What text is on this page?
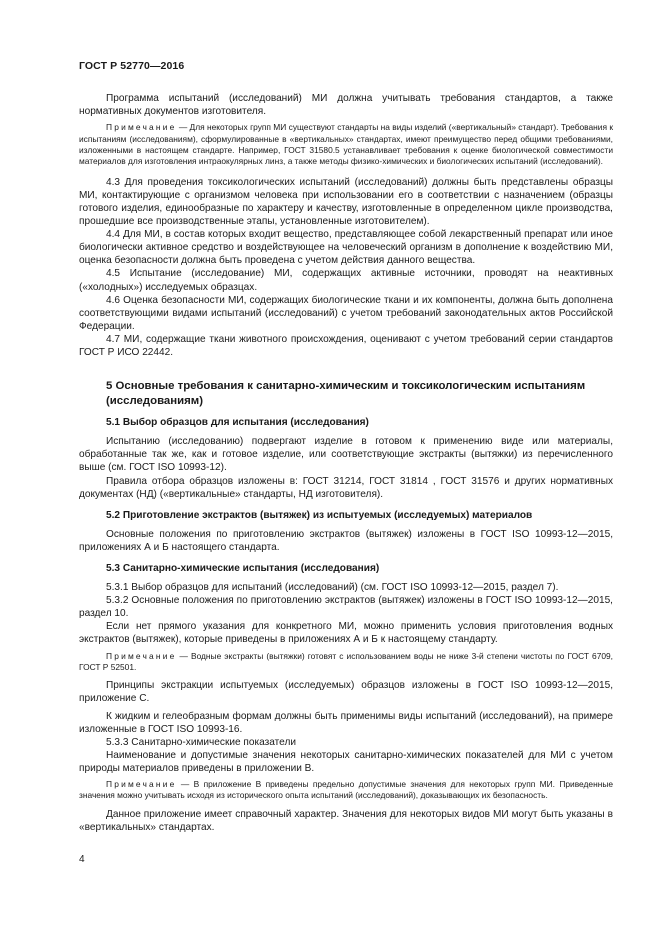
ГОСТ Р 52770—2016

Программа испытаний (исследований) МИ должна учитывать требования стандартов, а также нормативных документов изготовителя.

Примечание — Для некоторых групп МИ существуют стандарты на виды изделий («вертикальный» стандарт). Требования к испытаниям (исследованиям), сформулированные в «вертикальных» стандартах, имеют преимущество перед общими требованиями, изложенными в настоящем стандарте. Например, ГОСТ 31580.5 устанавливает требования к оценке биологической совместимости материалов для изготовления интраокулярных линз, а также методы физико-химических и биологических испытаний (исследований).

4.3 Для проведения токсикологических испытаний (исследований) должны быть представлены образцы МИ, контактирующие с организмом человека при использовании его в соответствии с назначением (образцы готового изделия, единообразные по характеру и качеству, изготовленные в определенном цикле производства, прошедшие все производственные этапы, установленные изготовителем).

4.4 Для МИ, в состав которых входит вещество, представляющее собой лекарственный препарат или иное биологически активное средство и воздействующее на человеческий организм в дополнение к воздействию МИ, оценка безопасности должна быть проведена с учетом действия данного вещества.

4.5 Испытание (исследование) МИ, содержащих активные источники, проводят на неактивных («холодных») исследуемых образцах.

4.6 Оценка безопасности МИ, содержащих биологические ткани и их компоненты, должна быть дополнена соответствующими видами испытаний (исследований) с учетом требований законодательных актов Российской Федерации.

4.7 МИ, содержащие ткани животного происхождения, оценивают с учетом требований серии стандартов ГОСТ Р ИСО 22442.

5 Основные требования к санитарно-химическим и токсикологическим испытаниям (исследованиям)
5.1 Выбор образцов для испытания (исследования)

Испытанию (исследованию) подвергают изделие в готовом к применению виде или материалы, обработанные так же, как и готовое изделие, или соответствующие экстракты (вытяжки) из перечисленного выше (см. ГОСТ ISO 10993-12).

Правила отбора образцов изложены в: ГОСТ 31214, ГОСТ 31814 , ГОСТ 31576 и других нормативных документах (НД) («вертикальные» стандарты, НД изготовителя).

5.2 Приготовление экстрактов (вытяжек) из испытуемых (исследуемых) материалов

Основные положения по приготовлению экстрактов (вытяжек) изложены в ГОСТ ISO 10993-12—2015, приложениях А и Б настоящего стандарта.

5.3 Санитарно-химические испытания (исследования)

5.3.1 Выбор образцов для испытаний (исследований) (см. ГОСТ ISO 10993-12—2015, раздел 7).

5.3.2 Основные положения по приготовлению экстрактов (вытяжек) изложены в ГОСТ ISO 10993-12—2015, раздел 10.

Если нет прямого указания для конкретного МИ, можно применить условия приготовления водных экстрактов (вытяжек), которые приведены в приложениях А и Б к настоящему стандарту.

Примечание — Водные экстракты (вытяжки) готовят с использованием воды не ниже 3-й степени чистоты по ГОСТ 6709, ГОСТ Р 52501.

Принципы экстракции испытуемых (исследуемых) образцов изложены в ГОСТ ISO 10993-12—2015, приложение С.

К жидким и гелеобразным формам должны быть применимы виды испытаний (исследований), на примере изложенные в ГОСТ ISO 10993-16.

5.3.3 Санитарно-химические показатели

Наименование и допустимые значения некоторых санитарно-химических показателей для МИ с учетом природы материалов приведены в приложении В.

Примечание — В приложение В приведены предельно допустимые значения для некоторых групп МИ. Приведенные значения можно учитывать исходя из исторического опыта испытаний (исследований), доказывающих их безопасность.

Данное приложение имеет справочный характер. Значения для некоторых видов МИ могут быть указаны в «вертикальных» стандартах.

4
